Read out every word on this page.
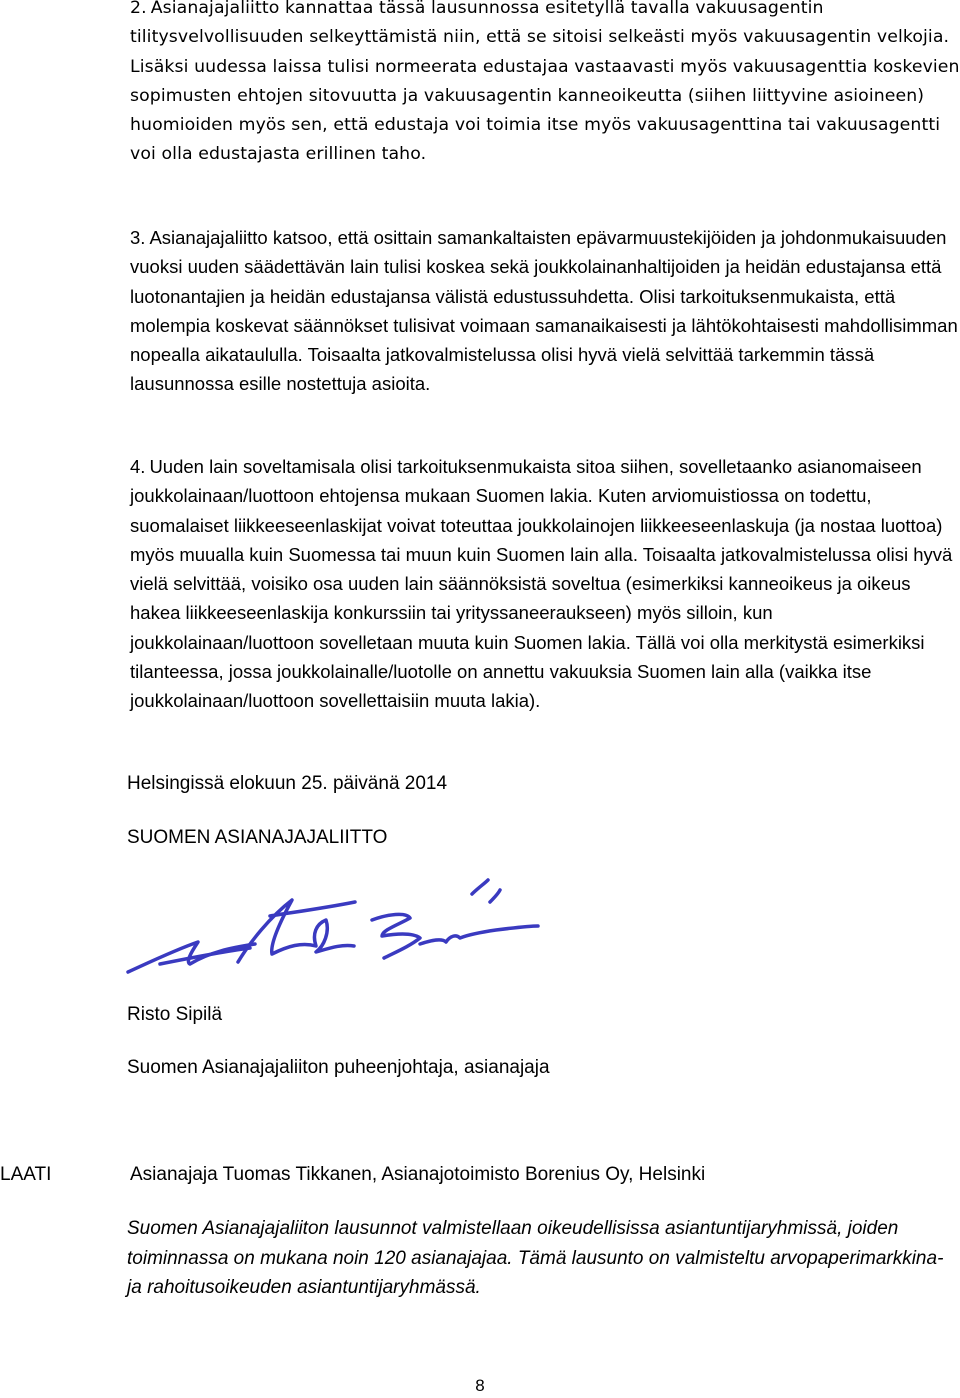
2. Asianajajaliitto kannattaa tässä lausunnossa esitetyllä tavalla vakuusagentin tilitysvelvollisuuden selkeyttämistä niin, että se sitoisi selkeästi myös vakuusagentin velkojia. Lisäksi uudessa laissa tulisi normeerata edustajaa vastaavasti myös vakuusagenttia koskevien sopimusten ehtojen sitovuutta ja vakuusagentin kanneoikeutta (siihen liittyvine asioineen) huomioiden myös sen, että edustaja voi toimia itse myös vakuusagenttina tai vakuusagentti voi olla edustajasta erillinen taho.

3. Asianajajaliitto katsoo, että osittain samankaltaisten epävarmuustekijöiden ja johdonmukaisuuden vuoksi uuden säädettävän lain tulisi koskea sekä joukkolainanhaltijoiden ja heidän edustajansa että luotonantajien ja heidän edustajansa välistä edustussuhdetta. Olisi tarkoituksenmukaista, että molempia koskevat säännökset tulisivat voimaan samanaikaisesti ja lähtökohtaisesti mahdollisimman nopealla aikataululla. Toisaalta jatkovalmistelussa olisi hyvä vielä selvittää tarkemmin tässä lausunnossa esille nostettuja asioita.

4. Uuden lain soveltamisala olisi tarkoituksenmukaista sitoa siihen, sovelletaanko asianomaiseen joukkolainaan/luottoon ehtojensa mukaan Suomen lakia. Kuten arviomuistiossa on todettu, suomalaiset liikkeeseenlaskijat voivat toteuttaa joukkolainojen liikkeeseenlaskuja (ja nostaa luottoa) myös muualla kuin Suomessa tai muun kuin Suomen lain alla. Toisaalta jatkovalmistelussa olisi hyvä vielä selvittää, voisiko osa uuden lain säännöksistä soveltua (esimerkiksi kanneoikeus ja oikeus hakea liikkeeseenlaskija konkurssiin tai yrityssaneeraukseen) myös silloin, kun joukkolainaan/luottoon sovelletaan muuta kuin Suomen lakia. Tällä voi olla merkitystä esimerkiksi tilanteessa, jossa joukkolainalle/luotolle on annettu vakuuksia Suomen lain alla (vaikka itse joukkolainaan/luottoon sovellettaisiin muuta lakia).

Helsingissä elokuun 25. päivänä 2014

SUOMEN ASIANAJAJALIITTO

Risto Sipilä

Suomen Asianajajaliiton puheenjohtaja, asianajaja

LAATI	Asianajaja Tuomas Tikkanen, Asianajotoimisto Borenius Oy, Helsinki

Suomen Asianajajaliiton lausunnot valmistellaan oikeudellisissa asiantuntijaryhmissä, joiden toiminnassa on mukana noin 120 asianajajaa. Tämä lausunto on valmisteltu arvopaperimarkkina- ja rahoitusoikeuden asiantuntijaryhmässä.

8
